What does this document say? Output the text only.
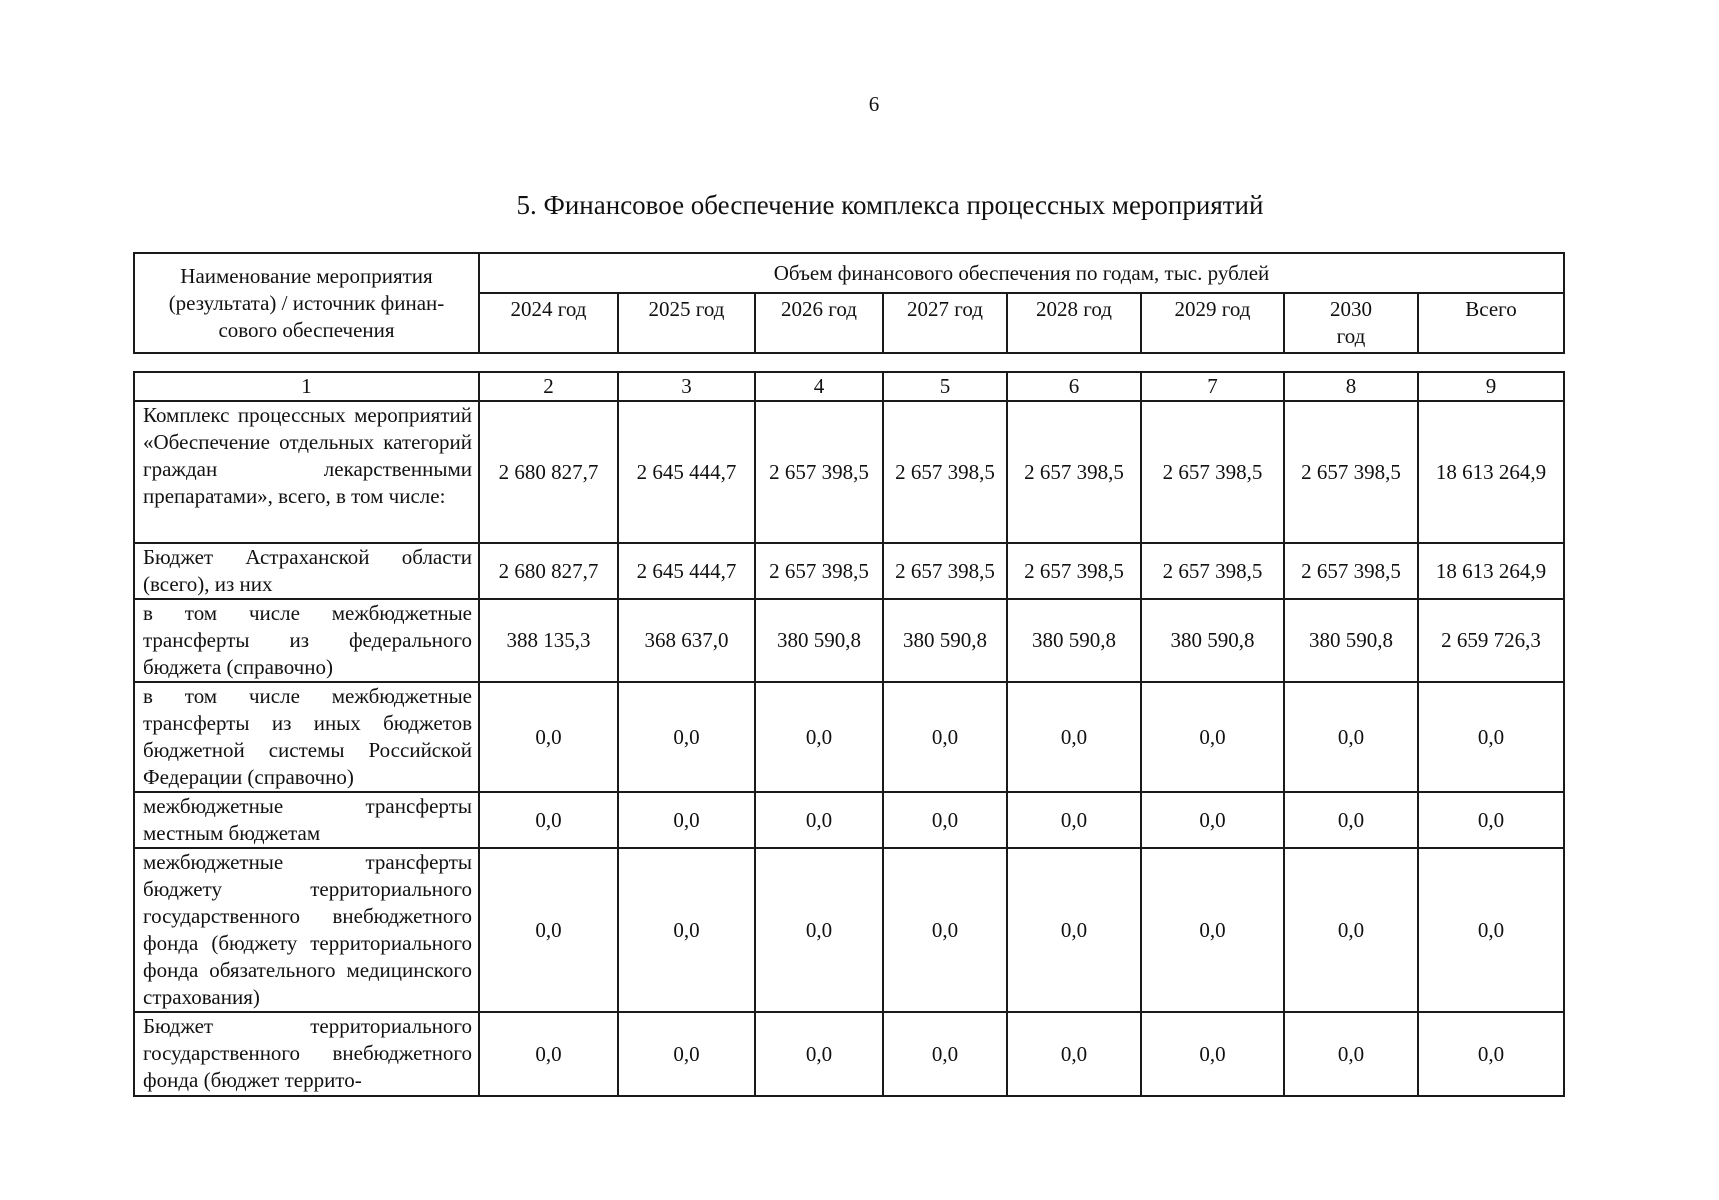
6
5. Финансовое обеспечение комплекса процессных мероприятий
Наименование мероприятия (результата) / источник финан-сового обеспечения	Объем финансового обеспечения по годам, тыс. рублей							
	2024 год	2025 год	2026 год	2027 год	2028 год	2029 год	2030 год	Всего
1	2	3	4	5	6	7	8	9
Комплекс процессных мероприятий «Обеспечение отдельных категорий граждан лекарственными препаратами», всего, в том числе:	2 680 827,7	2 645 444,7	2 657 398,5	2 657 398,5	2 657 398,5	2 657 398,5	2 657 398,5	18 613 264,9
Бюджет Астраханской области (всего), из них	2 680 827,7	2 645 444,7	2 657 398,5	2 657 398,5	2 657 398,5	2 657 398,5	2 657 398,5	18 613 264,9
в том числе межбюджетные трансферты из федерального бюджета (справочно)	388 135,3	368 637,0	380 590,8	380 590,8	380 590,8	380 590,8	380 590,8	2 659 726,3
в том числе межбюджетные трансферты из иных бюджетов бюджетной системы Российской Федерации (справочно)	0,0	0,0	0,0	0,0	0,0	0,0	0,0	0,0
межбюджетные трансферты местным бюджетам	0,0	0,0	0,0	0,0	0,0	0,0	0,0	0,0
межбюджетные трансферты бюджету территориального государственного внебюджетного фонда (бюджету территориального фонда обязательного медицинского страхования)	0,0	0,0	0,0	0,0	0,0	0,0	0,0	0,0
Бюджет территориального государственного внебюджетного фонда (бюджет террито-	0,0	0,0	0,0	0,0	0,0	0,0	0,0	0,0
